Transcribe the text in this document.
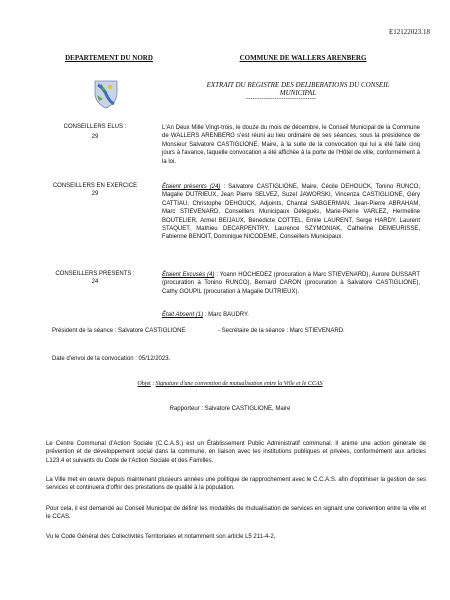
E12122023.18
DEPARTEMENT DU NORD	COMMUNE DE WALLERS ARENBERG
EXTRAIT DU REGISTRE DES DELIBERATIONS DU CONSEIL MUNICIPAL
--------------------------------
CONSEILLERS ELUS :
29
L'An Deux Mille Vingt-trois, le douze du mois de décembre, le Conseil Municipal de la Commune de WALLERS ARENBERG s'est réuni au lieu ordinaire de ses séances, sous la présidence de Monsieur Salvatore CASTIGLIONE, Maire, à la suite de la convocation qui lui a été faite cinq jours à l'avance, laquelle convocation a été affichée à la porte de l'Hôtel de ville, conformément à la loi.
CONSEILLERS EN EXERCICE
29
Étaient présents (24) : Salvatore CASTIGLIONE, Maire, Cécile DEHOUCK, Tonino RUNCO, Magalie DUTRIEUX, Jean Pierre SELVEZ, Suzel JAWORSKI, Vincenza CASTIGLIONE, Géry CATTIAU, Christophe DEHOUCK, Adjoints, Chantal SABGERMAN, Jean-Pierre ABRAHAM, Marc STIEVENARD, Conseillers Municipaux Délégués, Marie-Pierre VARLEZ, Hermeline BOUTELIER, Armel BEIJAUX, Bénédicte COTTEL, Emile LAURENT, Serge HARDY, Laurent STAQUET, Mathieu DECARPENTRY, Laurence SZYMONIAK, Catherine DEMEURISSE, Fabienne BENOIT, Dominique NICODEME, Conseillers Municipaux.
CONSEILLERS PRESENTS :
24
Étaient Excusés (4) : Yoann HOCHEDEZ (procuration à Marc STIEVENARD), Aurore DUSSART (procuration à Tonino RUNCO), Bernard CARON (procuration à Salvatore CASTIGLIONE), Cathy GOUPIL (procuration à Magalie DUTRIEUX).
Était Absent (1) : Marc BAUDRY.
Président de la séance : Salvatore CASTIGLIONE	- Secrétaire de la séance : Marc STIEVENARD.
Date d'envoi de la convocation : 05/12/2023.
Objet : Signature d'une convention de mutualisation entre la Ville et le CCAS
Rapporteur : Salvatore CASTIGLIONE, Maire
Le Centre Communal d'Action Sociale (C.C.A.S.) est un Établissement Public Administratif communal. Il anime une action générale de prévention et de développement social dans la commune, en liaison avec les institutions publiques et privées, conformément aux articles L123.4 et suivants du Code de l'Action Sociale et des Familles.
La Ville met en œuvre depuis maintenant plusieurs années une politique de rapprochement avec le C.C.A.S. afin d'optimiser la gestion de ses services et continuera d'offrir des prestations de qualité à la population.
Pour cela, il est demandé au Conseil Municipal de définir les modalités de mutualisation de services en signant une convention entre la ville et le CCAS.
Vu le Code Général des Collectivités Territoriales et notamment son article L5 211-4-2,
